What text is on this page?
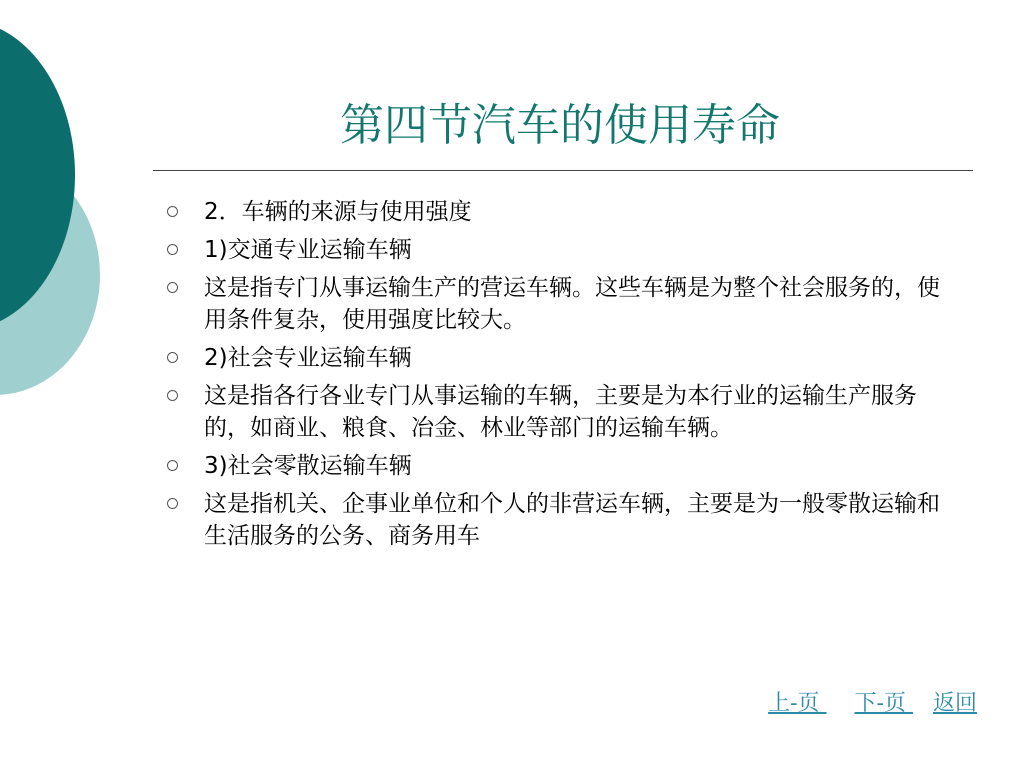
第四节汽车的使用寿命
2．车辆的来源与使用强度
1)交通专业运输车辆
这是指专门从事运输生产的营运车辆。这些车辆是为整个社会服务的，使用条件复杂，使用强度比较大。
2)社会专业运输车辆
这是指各行各业专门从事运输的车辆，主要是为本行业的运输生产服务的，如商业、粮食、冶金、林业等部门的运输车辆。
3)社会零散运输车辆
这是指机关、企事业单位和个人的非营运车辆，主要是为一般零散运输和生活服务的公务、商务用车
上-页 下-页 返回
